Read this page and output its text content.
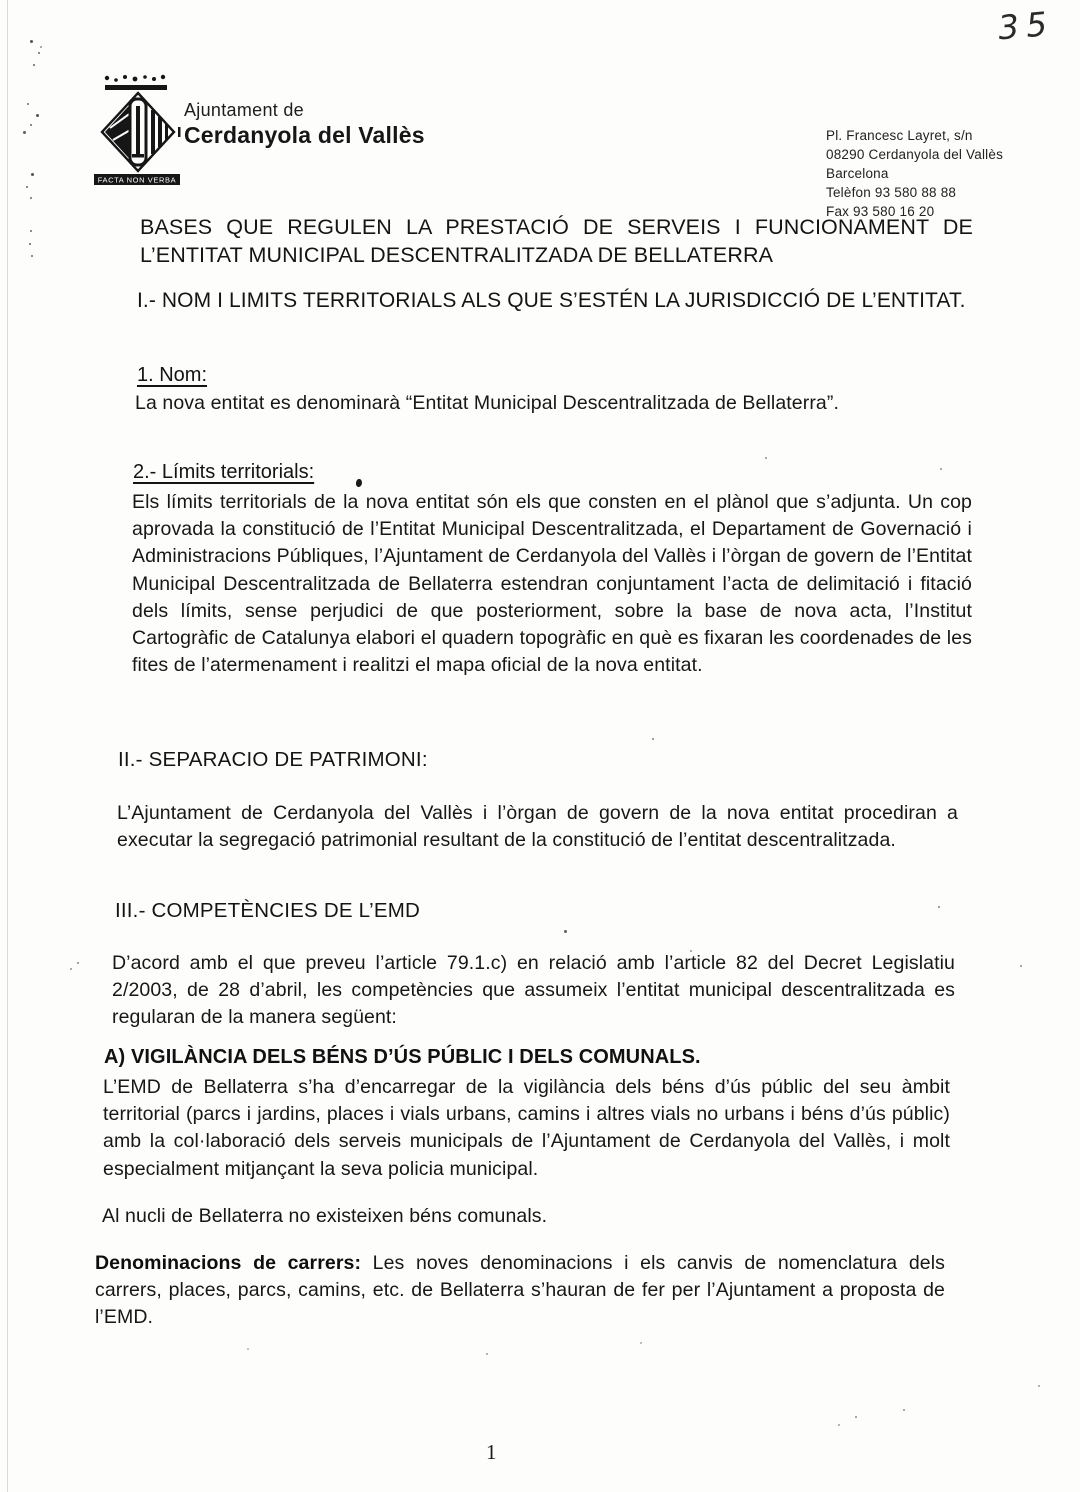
35
FACTA NON VERBA
Ajuntament de
Cerdanyola del Vallès	Pl. Francesc Layret, s/n
08290 Cerdanyola del Vallès
Barcelona
Telèfon 93 580 88 88
Fax 93 580 16 20
BASES QUE REGULEN LA PRESTACIÓ DE SERVEIS I FUNCIONAMENT DE L’ENTITAT MUNICIPAL DESCENTRALITZADA DE BELLATERRA
I.- NOM I LIMITS TERRITORIALS ALS QUE S’ESTÉN LA JURISDICCIÓ DE L’ENTITAT.
1. Nom:

La nova entitat es denominarà “Entitat Municipal Descentralitzada de Bellaterra”.

2.- Límits territorials:

Els límits territorials de la nova entitat són els que consten en el plànol que s’adjunta. Un cop aprovada la constitució de l’Entitat Municipal Descentralitzada, el Departament de Governació i Administracions Públiques, l’Ajuntament de Cerdanyola del Vallès i l’òrgan de govern de l’Entitat Municipal Descentralitzada de Bellaterra estendran conjuntament l’acta de delimitació i fitació dels límits, sense perjudici de que posteriorment, sobre la base de nova acta, l’Institut Cartogràfic de Catalunya elabori el quadern topogràfic en què es fixaran les coordenades de les fites de l’atermenament i realitzi el mapa oficial de la nova entitat.

II.- SEPARACIO DE PATRIMONI:

L’Ajuntament de Cerdanyola del Vallès i l’òrgan de govern de la nova entitat procediran a executar la segregació patrimonial resultant de la constitució de l’entitat descentralitzada.

III.- COMPETÈNCIES DE L’EMD

D’acord amb el que preveu l’article 79.1.c) en relació amb l’article 82 del Decret Legislatiu 2/2003, de 28 d’abril, les competències que assumeix l’entitat municipal descentralitzada es regularan de la manera següent:

A) VIGILÀNCIA DELS BÉNS D’ÚS PÚBLIC I DELS COMUNALS.

L’EMD de Bellaterra s’ha d’encarregar de la vigilància dels béns d’ús públic del seu àmbit territorial (parcs i jardins, places i vials urbans, camins i altres vials no urbans i béns d’ús públic) amb la col·laboració dels serveis municipals de l’Ajuntament de Cerdanyola del Vallès, i molt especialment mitjançant la seva policia municipal.

Al nucli de Bellaterra no existeixen béns comunals.

Denominacions de carrers: Les noves denominacions i els canvis de nomenclatura dels carrers, places, parcs, camins, etc. de Bellaterra s’hauran de fer per l’Ajuntament a proposta de l’EMD.

1
